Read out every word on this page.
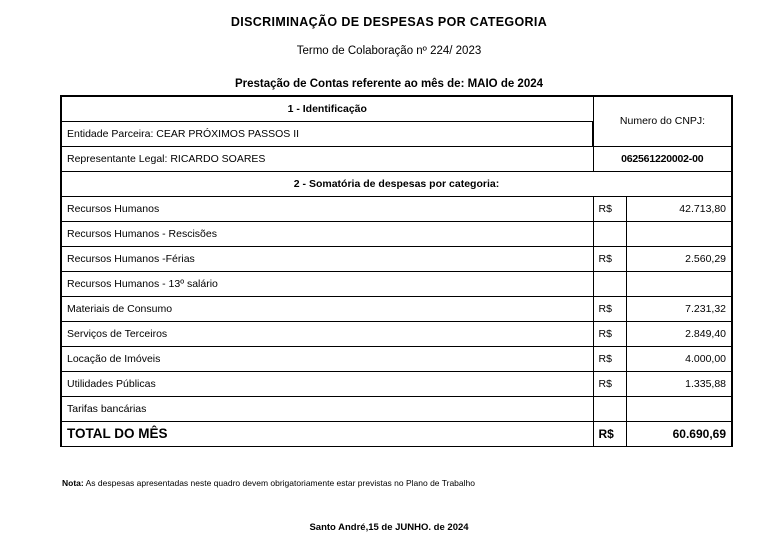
DISCRIMINAÇÃO DE DESPESAS POR CATEGORIA
Termo de Colaboração nº 224/ 2023
Prestação de Contas referente ao mês de: MAIO de 2024
1 - Identificação	Numero do CNPJ:	
Entidade Parceira: CEAR PRÓXIMOS PASSOS II		
Representante Legal: RICARDO SOARES	062561220002-00	
2 - Somatória de despesas por categoria:		
Recursos Humanos	R$	42.713,80
Recursos Humanos - Rescisões		
Recursos Humanos -Férias	R$	2.560,29
Recursos Humanos - 13º salário		
Materiais de Consumo	R$	7.231,32
Serviços de Terceiros	R$	2.849,40
Locação de Imóveis	R$	4.000,00
Utilidades Públicas	R$	1.335,88
Tarifas bancárias		
TOTAL DO MÊS	R$	60.690,69
Nota: As despesas apresentadas neste quadro devem obrigatoriamente estar previstas no Plano de Trabalho
Santo André,15 de JUNHO. de 2024
